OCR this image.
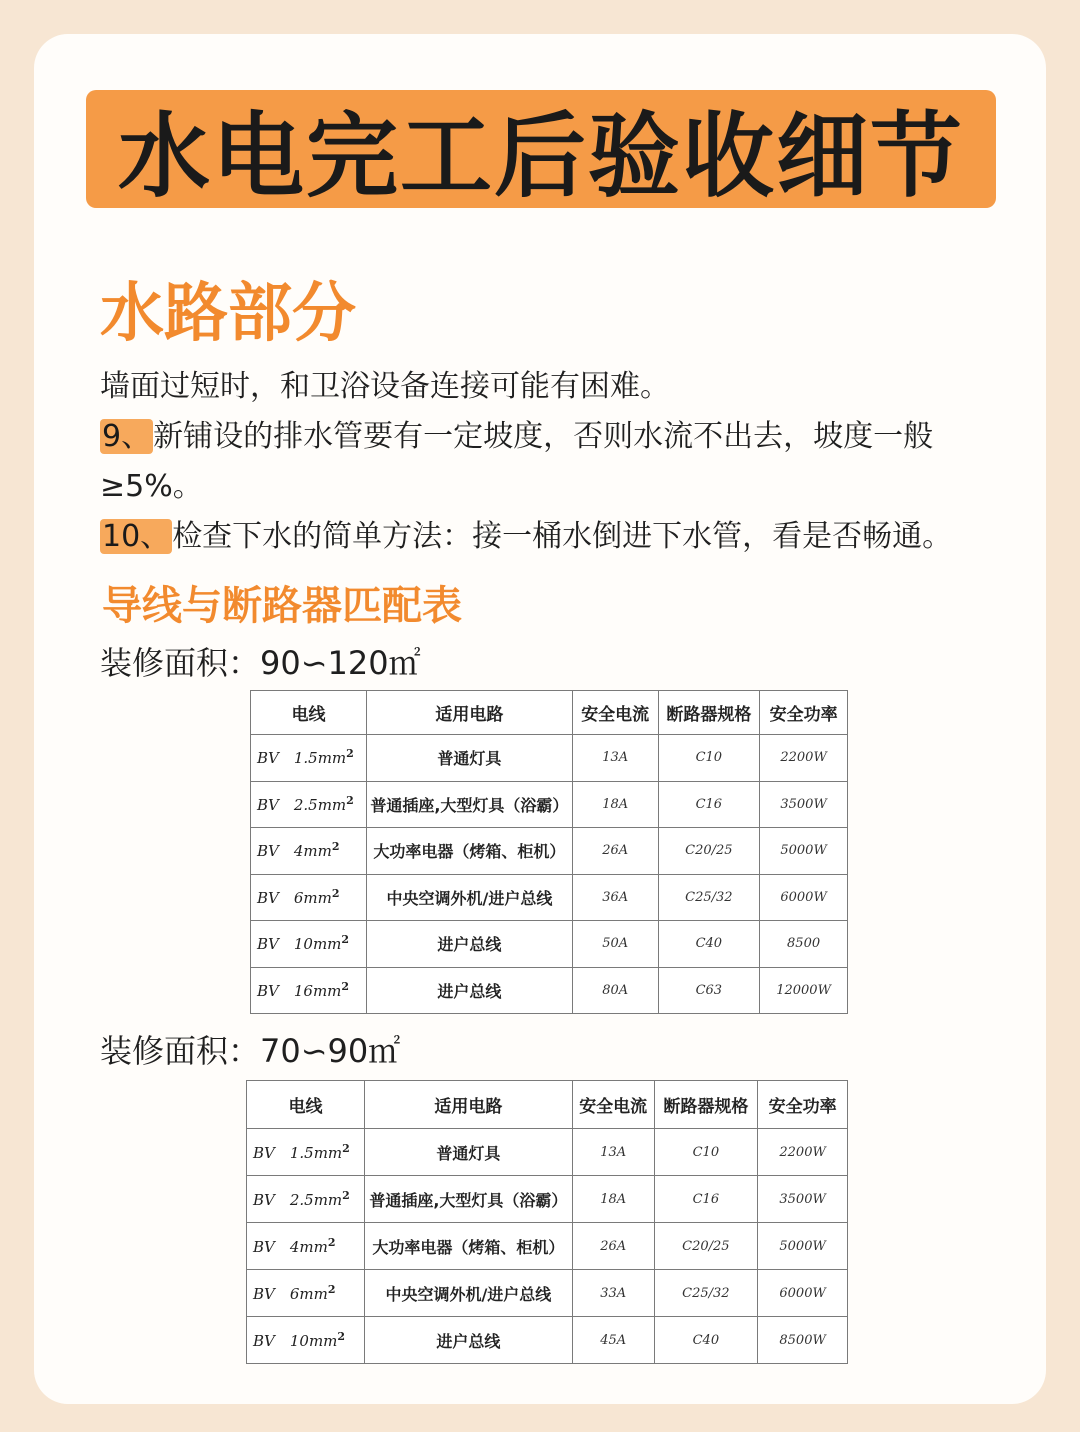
水电完工后验收细节
水路部分
墙面过短时，和卫浴设备连接可能有困难。
9、新铺设的排水管要有一定坡度，否则水流不出去，坡度一般
≥5%。
10、检查下水的简单方法：接一桶水倒进下水管，看是否畅通。
导线与断路器匹配表
装修面积：90∽120㎡
电线	适用电路	安全电流	断路器规格	安全功率
BV　$1.5mm^2$	普通灯具	13A	C10	2200W
BV　$2.5mm^2$	普通插座,大型灯具（浴霸）	18A	C16	3500W
BV　$4mm^2$	大功率电器（烤箱、柜机）	26A	C20/25	5000W
BV　$6mm^2$	中央空调外机/进户总线	36A	C25/32	6000W
BV　$10mm^2$	进户总线	50A	C40	8500
BV　$16mm^2$	进户总线	80A	C63	12000W
装修面积：70∽90㎡
电线	适用电路	安全电流	断路器规格	安全功率
BV　$1.5mm^2$	普通灯具	13A	C10	2200W
BV　$2.5mm^2$	普通插座,大型灯具（浴霸）	18A	C16	3500W
BV　$4mm^2$	大功率电器（烤箱、柜机）	26A	C20/25	5000W
BV　$6mm^2$	中央空调外机/进户总线	33A	C25/32	6000W
BV　$10mm^2$	进户总线	45A	C40	8500W
